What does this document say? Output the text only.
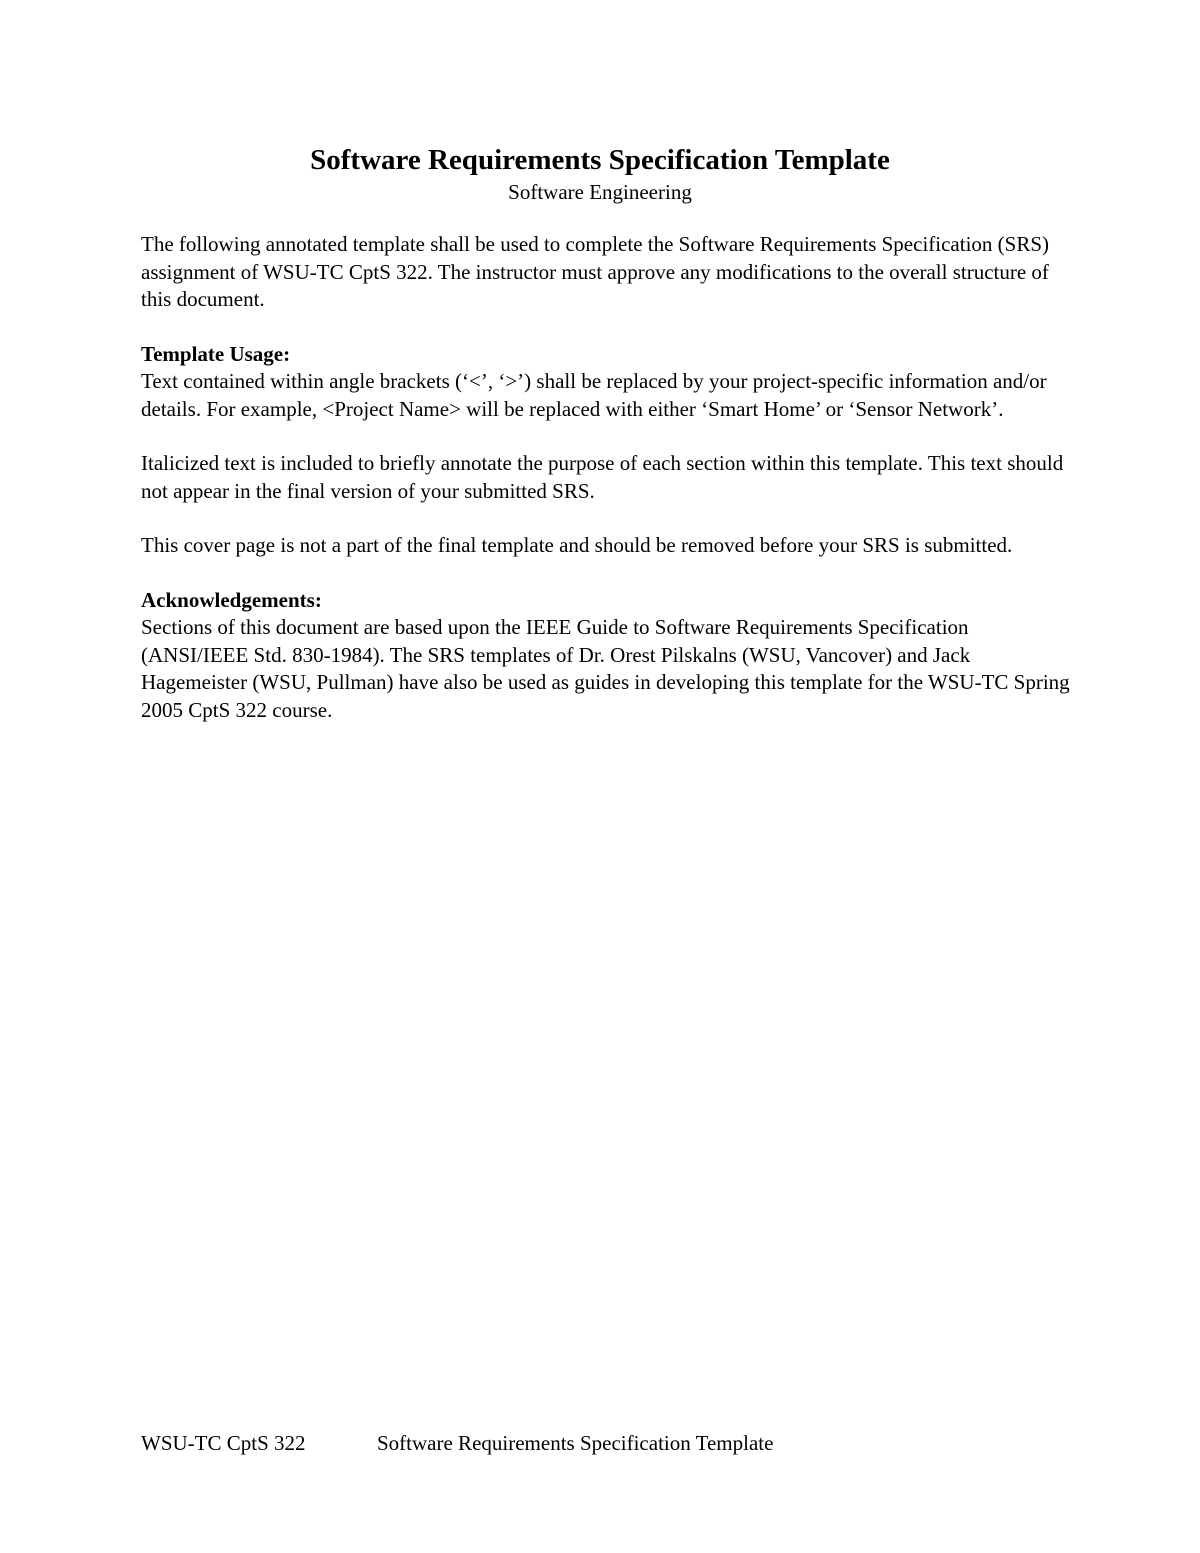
Software Requirements Specification Template
Software Engineering

The following annotated template shall be used to complete the Software Requirements Specification (SRS) assignment of WSU-TC CptS 322. The instructor must approve any modifications to the overall structure of this document.

Template Usage:
Text contained within angle brackets (‘<’, ‘>’) shall be replaced by your project-specific information and/or details. For example, <Project Name> will be replaced with either ‘Smart Home’ or ‘Sensor Network’.

Italicized text is included to briefly annotate the purpose of each section within this template. This text should not appear in the final version of your submitted SRS.

This cover page is not a part of the final template and should be removed before your SRS is submitted.

Acknowledgements:
Sections of this document are based upon the IEEE Guide to Software Requirements Specification (ANSI/IEEE Std. 830-1984). The SRS templates of Dr. Orest Pilskalns (WSU, Vancover) and Jack Hagemeister (WSU, Pullman) have also be used as guides in developing this template for the WSU-TC Spring 2005 CptS 322 course.

WSU-TC CptS 322	Software Requirements Specification Template
